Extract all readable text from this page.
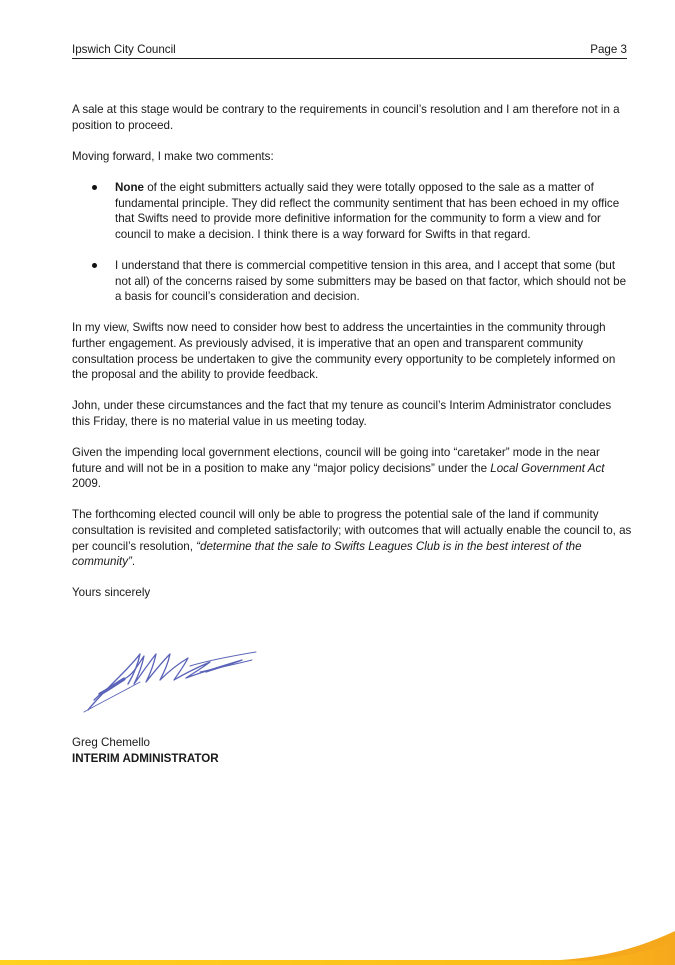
Ipswich City Council	Page 3

A sale at this stage would be contrary to the requirements in council’s resolution and I am therefore not in a position to proceed.

Moving forward, I make two comments:

None of the eight submitters actually said they were totally opposed to the sale as a matter of fundamental principle. They did reflect the community sentiment that has been echoed in my office that Swifts need to provide more definitive information for the community to form a view and for council to make a decision. I think there is a way forward for Swifts in that regard.
I understand that there is commercial competitive tension in this area, and I accept that some (but not all) of the concerns raised by some submitters may be based on that factor, which should not be a basis for council’s consideration and decision.

In my view, Swifts now need to consider how best to address the uncertainties in the community through further engagement. As previously advised, it is imperative that an open and transparent community consultation process be undertaken to give the community every opportunity to be completely informed on the proposal and the ability to provide feedback.

John, under these circumstances and the fact that my tenure as council’s Interim Administrator concludes this Friday, there is no material value in us meeting today.

Given the impending local government elections, council will be going into “caretaker” mode in the near future and will not be in a position to make any “major policy decisions” under the Local Government Act 2009.

The forthcoming elected council will only be able to progress the potential sale of the land if community consultation is revisited and completed satisfactorily; with outcomes that will actually enable the council to, as per council’s resolution, “determine that the sale to Swifts Leagues Club is in the best interest of the community”.

Yours sincerely

Greg Chemello
INTERIM ADMINISTRATOR
